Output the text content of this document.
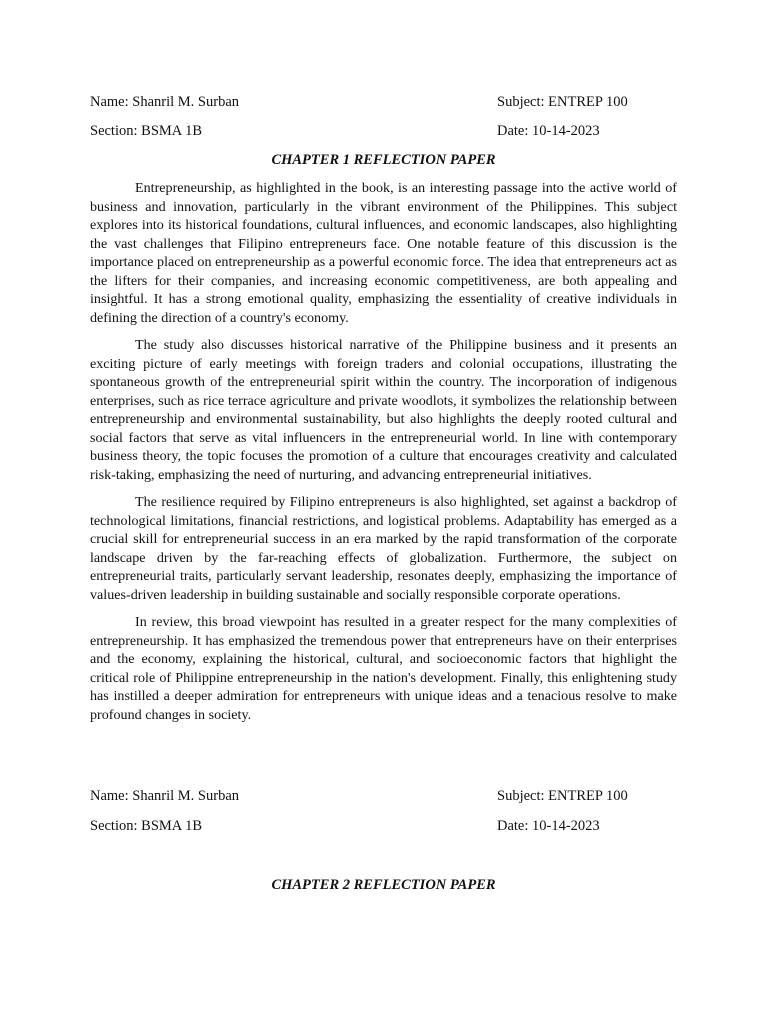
Name: Shanril M. Surban	Subject: ENTREP 100
Section: BSMA 1B	Date: 10-14-2023
CHAPTER 1 REFLECTION PAPER

Entrepreneurship, as highlighted in the book, is an interesting passage into the active world of business and innovation, particularly in the vibrant environment of the Philippines. This subject explores into its historical foundations, cultural influences, and economic landscapes, also highlighting the vast challenges that Filipino entrepreneurs face. One notable feature of this discussion is the importance placed on entrepreneurship as a powerful economic force. The idea that entrepreneurs act as the lifters for their companies, and increasing economic competitiveness, are both appealing and insightful. It has a strong emotional quality, emphasizing the essentiality of creative individuals in defining the direction of a country's economy.

The study also discusses historical narrative of the Philippine business and it presents an exciting picture of early meetings with foreign traders and colonial occupations, illustrating the spontaneous growth of the entrepreneurial spirit within the country. The incorporation of indigenous enterprises, such as rice terrace agriculture and private woodlots, it symbolizes the relationship between entrepreneurship and environmental sustainability, but also highlights the deeply rooted cultural and social factors that serve as vital influencers in the entrepreneurial world. In line with contemporary business theory, the topic focuses the promotion of a culture that encourages creativity and calculated risk-taking, emphasizing the need of nurturing, and advancing entrepreneurial initiatives.

The resilience required by Filipino entrepreneurs is also highlighted, set against a backdrop of technological limitations, financial restrictions, and logistical problems. Adaptability has emerged as a crucial skill for entrepreneurial success in an era marked by the rapid transformation of the corporate landscape driven by the far-reaching effects of globalization. Furthermore, the subject on entrepreneurial traits, particularly servant leadership, resonates deeply, emphasizing the importance of values-driven leadership in building sustainable and socially responsible corporate operations.

In review, this broad viewpoint has resulted in a greater respect for the many complexities of entrepreneurship. It has emphasized the tremendous power that entrepreneurs have on their enterprises and the economy, explaining the historical, cultural, and socioeconomic factors that highlight the critical role of Philippine entrepreneurship in the nation's development. Finally, this enlightening study has instilled a deeper admiration for entrepreneurs with unique ideas and a tenacious resolve to make profound changes in society.

Name: Shanril M. Surban	Subject: ENTREP 100
Section: BSMA 1B	Date: 10-14-2023
CHAPTER 2 REFLECTION PAPER
